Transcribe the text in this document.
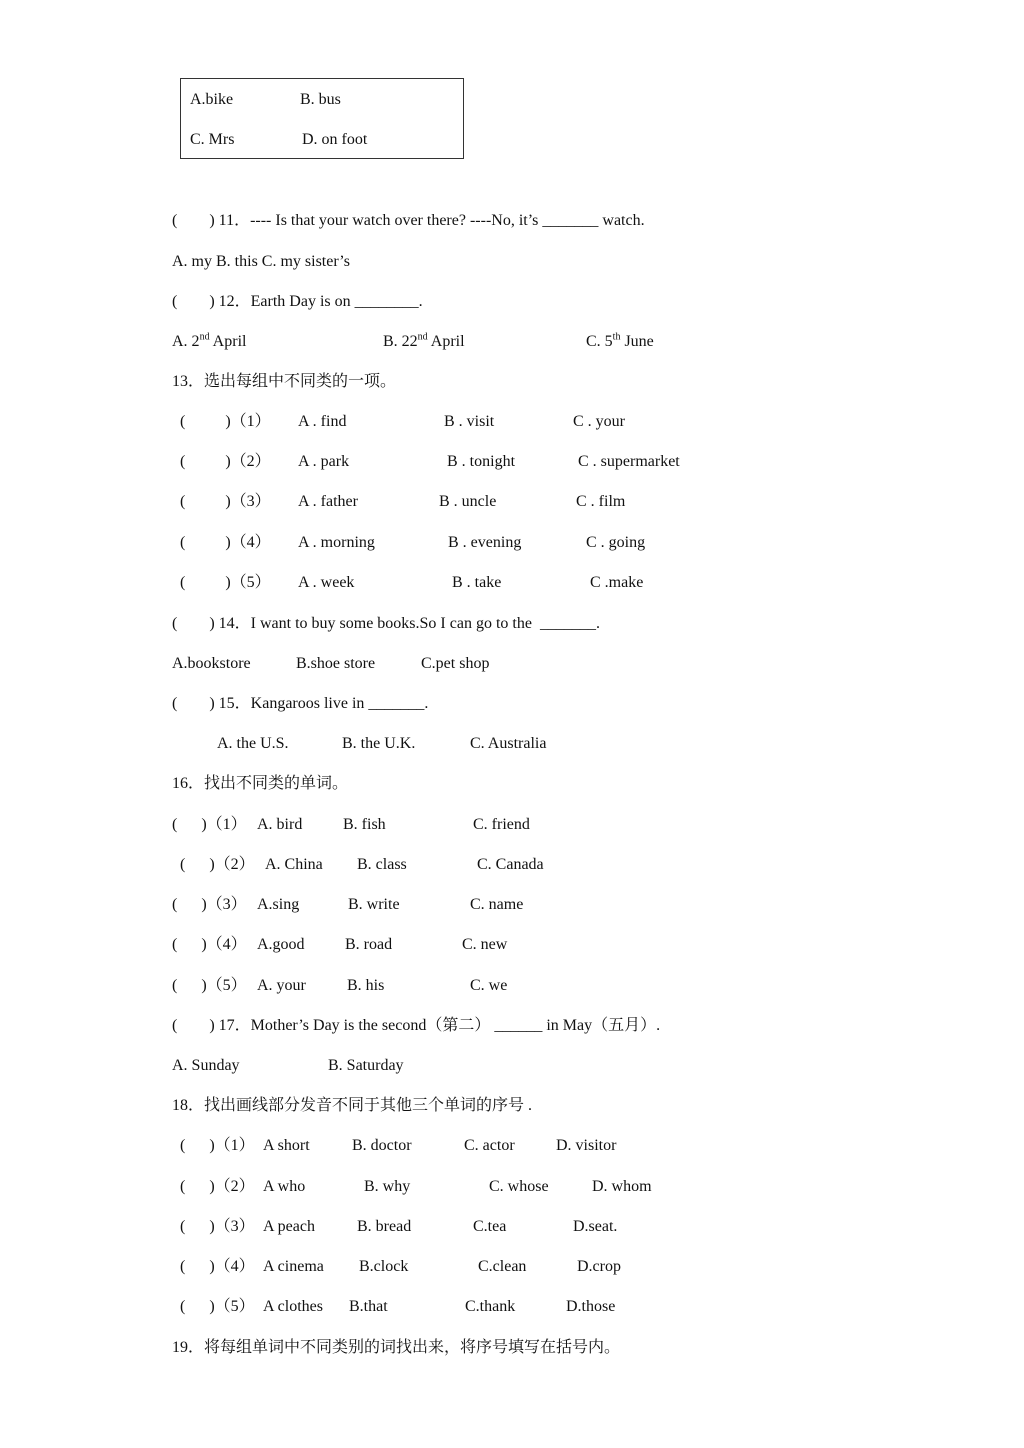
A.bike	B. bus
C. Mrs	D. on foot
(        ) 11．---- Is that your watch over there? ----No, it’s _______ watch.
A. my B. this C. my sister’s
(        ) 12．Earth Day is on ________.
A. 2nd April	B. 22nd April	C. 5th June
13．选出每组中不同类的一项。
(          )（1） A . find	B . visit	C . your
(          )（2） A . park	B . tonight	C . supermarket
(          )（3） A . father	B . uncle	C . film
(          )（4） A . morning	B . evening	C . going
(          )（5） A . week	B . take	C .make
(        ) 14．I want to buy some books.So I can go to the  _______.
A.bookstore	B.shoe store	C.pet shop
(        ) 15．Kangaroos live in _______.
A. the U.S.	B. the U.K.	C. Australia
16．找出不同类的单词。
(      )（1） A. bird	B. fish	C. friend
(      )（2） A. China B. class	C. Canada
(      )（3） A.sing	B. write	C. name
(      )（4） A.good	B. road	C. new
(      )（5） A. your	B. his	C. we
(        ) 17．Mother’s Day is the second（第二） ______ in May（五月）.
A. Sunday	B. Saturday
18．找出画线部分发音不同于其他三个单词的序号 .
(      )（1） A short	B. doctor	C. actor	D. visitor
(      )（2） A who	B. why	C. whose	D. whom
(      )（3） A peach	B. bread	C.tea	D.seat.
(      )（4） A cinema B.clock	C.clean	D.crop
(      )（5） A clothes B.that	C.thank	D.those
19．将每组单词中不同类别的词找出来，将序号填写在括号内。
